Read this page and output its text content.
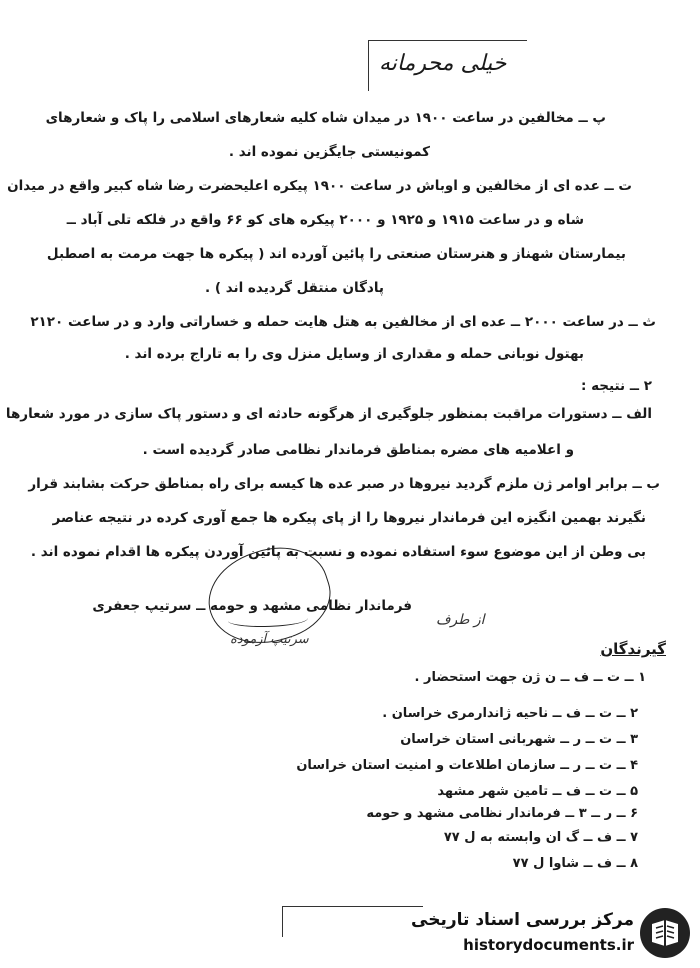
خیلی محرمانه
پ ــ مخالفین در ساعت ۱۹۰۰ در میدان شاه کلیه شعارهای اسلامی را پاک و شعارهای
کمونیستی جایگزین نموده اند .
ت ــ عده ای از مخالفین و اوباش در ساعت ۱۹۰۰ پیکره اعلیحضرت رضا شاه کبیر واقع در میدان
شاه و در ساعت ۱۹۱۵ و ۱۹۲۵ و ۲۰۰۰ پیکره های کو ۶۶ واقع در فلکه تلی آباد ــ
بیمارستان شهناز و هنرستان صنعتی را پائین آورده اند ( پیکره ها جهت مرمت به اصطبل
پادگان منتقل گردیده اند ) .
ث ــ در ساعت ۲۰۰۰ ــ عده ای از مخالفین به هتل هایت حمله و خساراتی وارد و در ساعت ۲۱۲۰
بهتول نوبانی حمله و مقداری از وسایل منزل وی را به تاراج برده اند .
۲ ــ نتیجه :
الف ــ دستورات مراقبت بمنظور جلوگیری از هرگونه حادثه ای و دستور پاک سازی در مورد شعارها
و اعلامیه های مضره بمناطق فرماندار نظامی صادر گردیده است .
ب ــ برابر اوامر ژن ملزم گردید نیروها در صبر عده ها کیسه برای راه بمناطق حرکت بشابند قرار
نگیرند بهمین انگیزه این فرماندار نیروها را از پای پیکره ها جمع آوری کرده در نتیجه عناصر
بی وطن از این موضوع سوء استفاده نموده و نسبت به پائین آوردن پیکره ها اقدام نموده اند .
فرماندار نظامی مشهد و حومه ــ سرتیپ جعفری
از طرف
سرتیپ آزموده
گیرندگان
۱ ــ ت ــ ف ــ ن ژن جهت استحضار .
۲ ــ ت ــ ف ــ ناحیه ژاندارمری خراسان .
۳ ــ ت ــ ر ــ شهربانی استان خراسان
۴ ــ ت ــ ر ــ سازمان اطلاعات و امنیت استان خراسان
۵ ــ ت ــ ف ــ تامین شهر مشهد
۶ ــ ر ــ ۳ ــ فرماندار نظامی مشهد و حومه
۷ ــ ف ــ گ ان وابسته به ل ۷۷
۸ ــ ف ــ شاوا ل ۷۷
مرکز بررسی اسناد تاریخی
historydocuments.ir
